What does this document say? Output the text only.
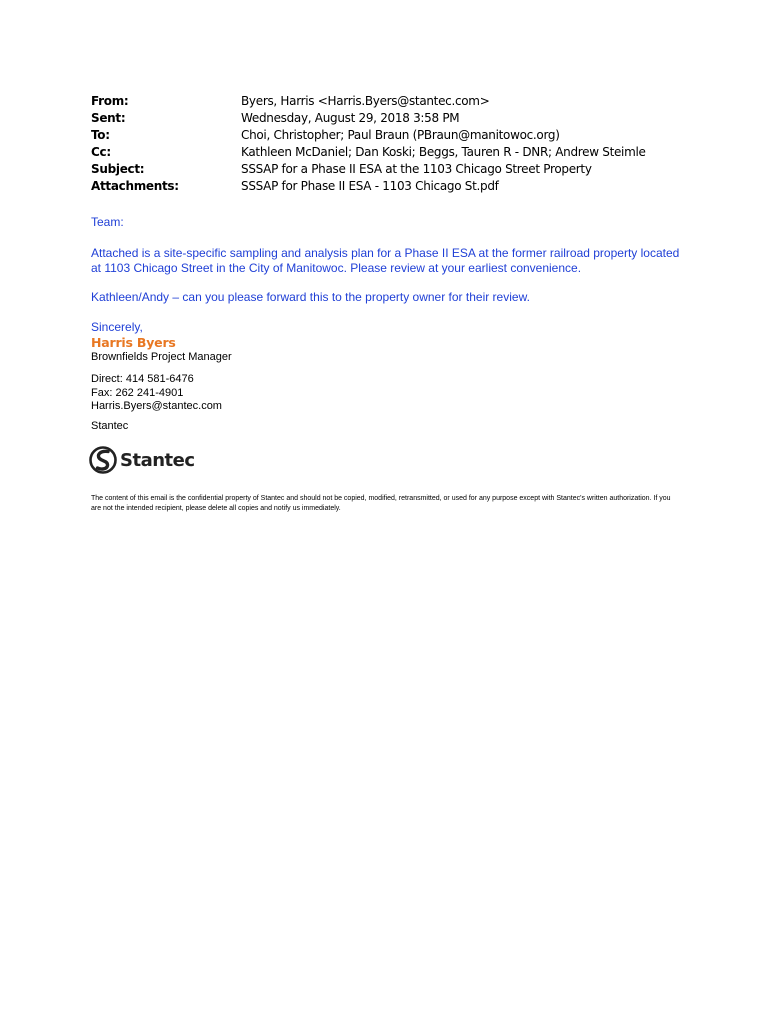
From:	Byers, Harris <Harris.Byers@stantec.com>
Sent:	Wednesday, August 29, 2018 3:58 PM
To:	Choi, Christopher; Paul Braun (PBraun@manitowoc.org)
Cc:	Kathleen McDaniel; Dan Koski; Beggs, Tauren R - DNR; Andrew Steimle
Subject:	SSSAP for a Phase II ESA at the 1103 Chicago Street Property
Attachments:	SSSAP for Phase II ESA - 1103 Chicago St.pdf
Team:
Attached is a site-specific sampling and analysis plan for a Phase II ESA at the former railroad property located at 1103 Chicago Street in the City of Manitowoc. Please review at your earliest convenience.
Kathleen/Andy – can you please forward this to the property owner for their review.
Sincerely,
Harris Byers
Brownfields Project Manager
Direct: 414 581-6476
Fax: 262 241-4901
Harris.Byers@stantec.com
Stantec
Stantec
The content of this email is the confidential property of Stantec and should not be copied, modified, retransmitted, or used for any purpose except with Stantec's written authorization. If you are not the intended recipient, please delete all copies and notify us immediately.
